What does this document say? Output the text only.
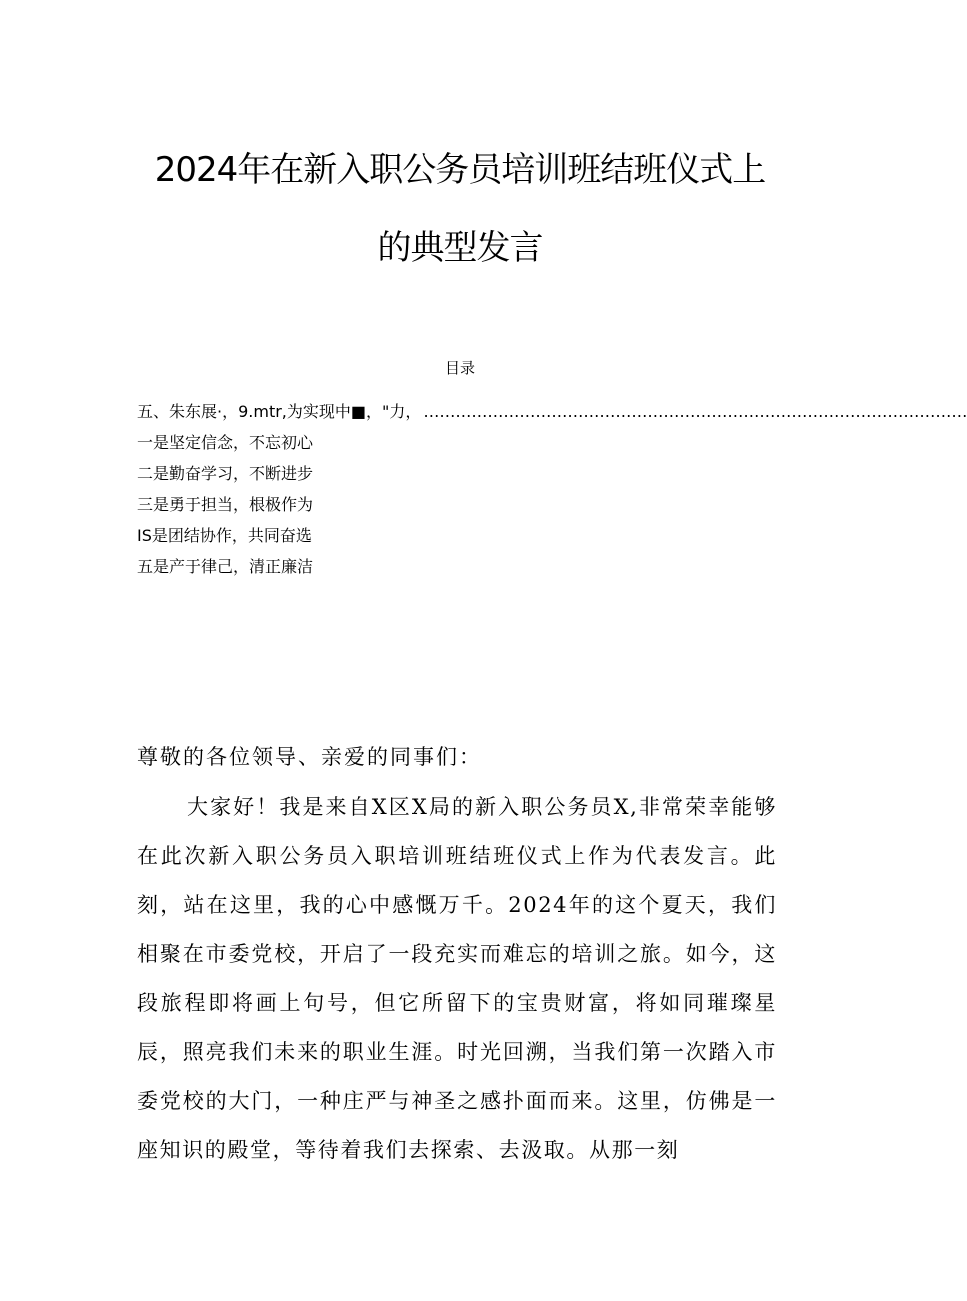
2024年在新入职公务员培训班结班仪式上
的典型发言
目录
五、朱东展·，9.mtr,为实现中■，"力， …………………………………………………………………………………………
一是坚定信念，不忘初心
二是勤奋学习，不断进步
三是勇于担当，根极作为
IS是团结协作，共同奋选
五是产于律己，清正廉洁
尊敬的各位领导、亲爱的同事们：
大家好！我是来自X区X局的新入职公务员X,非常荣幸能够在此次新入职公务员入职培训班结班仪式上作为代表发言。此刻，站在这里，我的心中感慨万千。2024年的这个夏天，我们相聚在市委党校，开启了一段充实而难忘的培训之旅。如今，这段旅程即将画上句号，但它所留下的宝贵财富，将如同璀璨星辰，照亮我们未来的职业生涯。时光回溯，当我们第一次踏入市委党校的大门，一种庄严与神圣之感扑面而来。这里，仿佛是一座知识的殿堂，等待着我们去探索、去汲取。从那一刻
